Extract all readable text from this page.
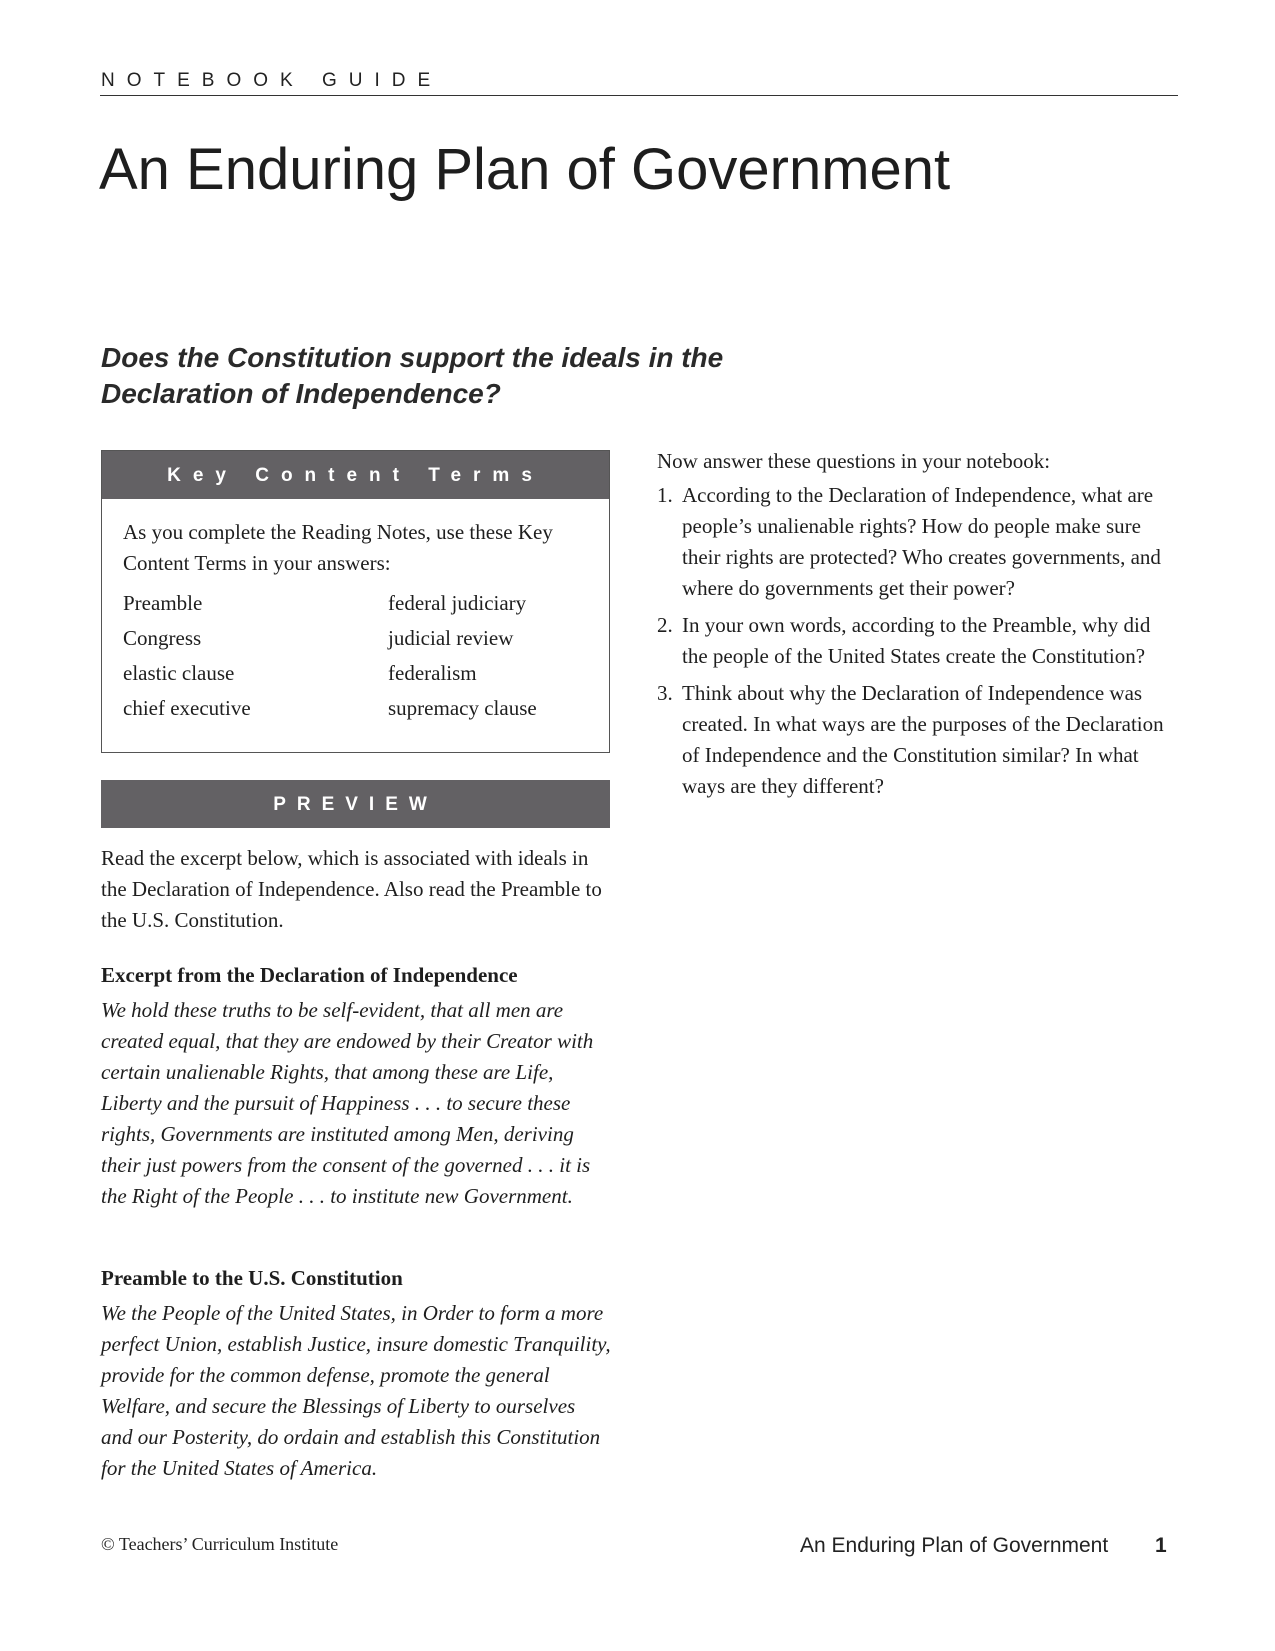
NOTEBOOK GUIDE
An Enduring Plan of Government
Does the Constitution support the ideals in the Declaration of Independence?
Key Content Terms

As you complete the Reading Notes, use these Key Content Terms in your answers:

Preamble	federal judiciary
Congress	judicial review
elastic clause	federalism
chief executive	supremacy clause
PREVIEW

Read the excerpt below, which is associated with ideals in the Declaration of Independence. Also read the Preamble to the U.S. Constitution.

Excerpt from the Declaration of Independence

We hold these truths to be self-evident, that all men are created equal, that they are endowed by their Creator with certain unalienable Rights, that among these are Life, Liberty and the pursuit of Happiness . . . to secure these rights, Governments are instituted among Men, deriving their just powers from the consent of the governed . . . it is the Right of the People . . . to institute new Government.

Preamble to the U.S. Constitution

We the People of the United States, in Order to form a more perfect Union, establish Justice, insure domestic Tranquility, provide for the common defense, promote the general Welfare, and secure the Blessings of Liberty to ourselves and our Posterity, do ordain and establish this Constitution for the United States of America.

Now answer these questions in your notebook:

1. According to the Declaration of Independence, what are people’s unalienable rights? How do people make sure their rights are protected? Who creates governments, and where do governments get their power?
2. In your own words, according to the Preamble, why did the people of the United States create the Constitution?
3. Think about why the Declaration of Independence was created. In what ways are the purposes of the Declaration of Independence and the Constitution similar? In what ways are they different?
© Teachers’ Curriculum Institute	An Enduring Plan of Government 1
